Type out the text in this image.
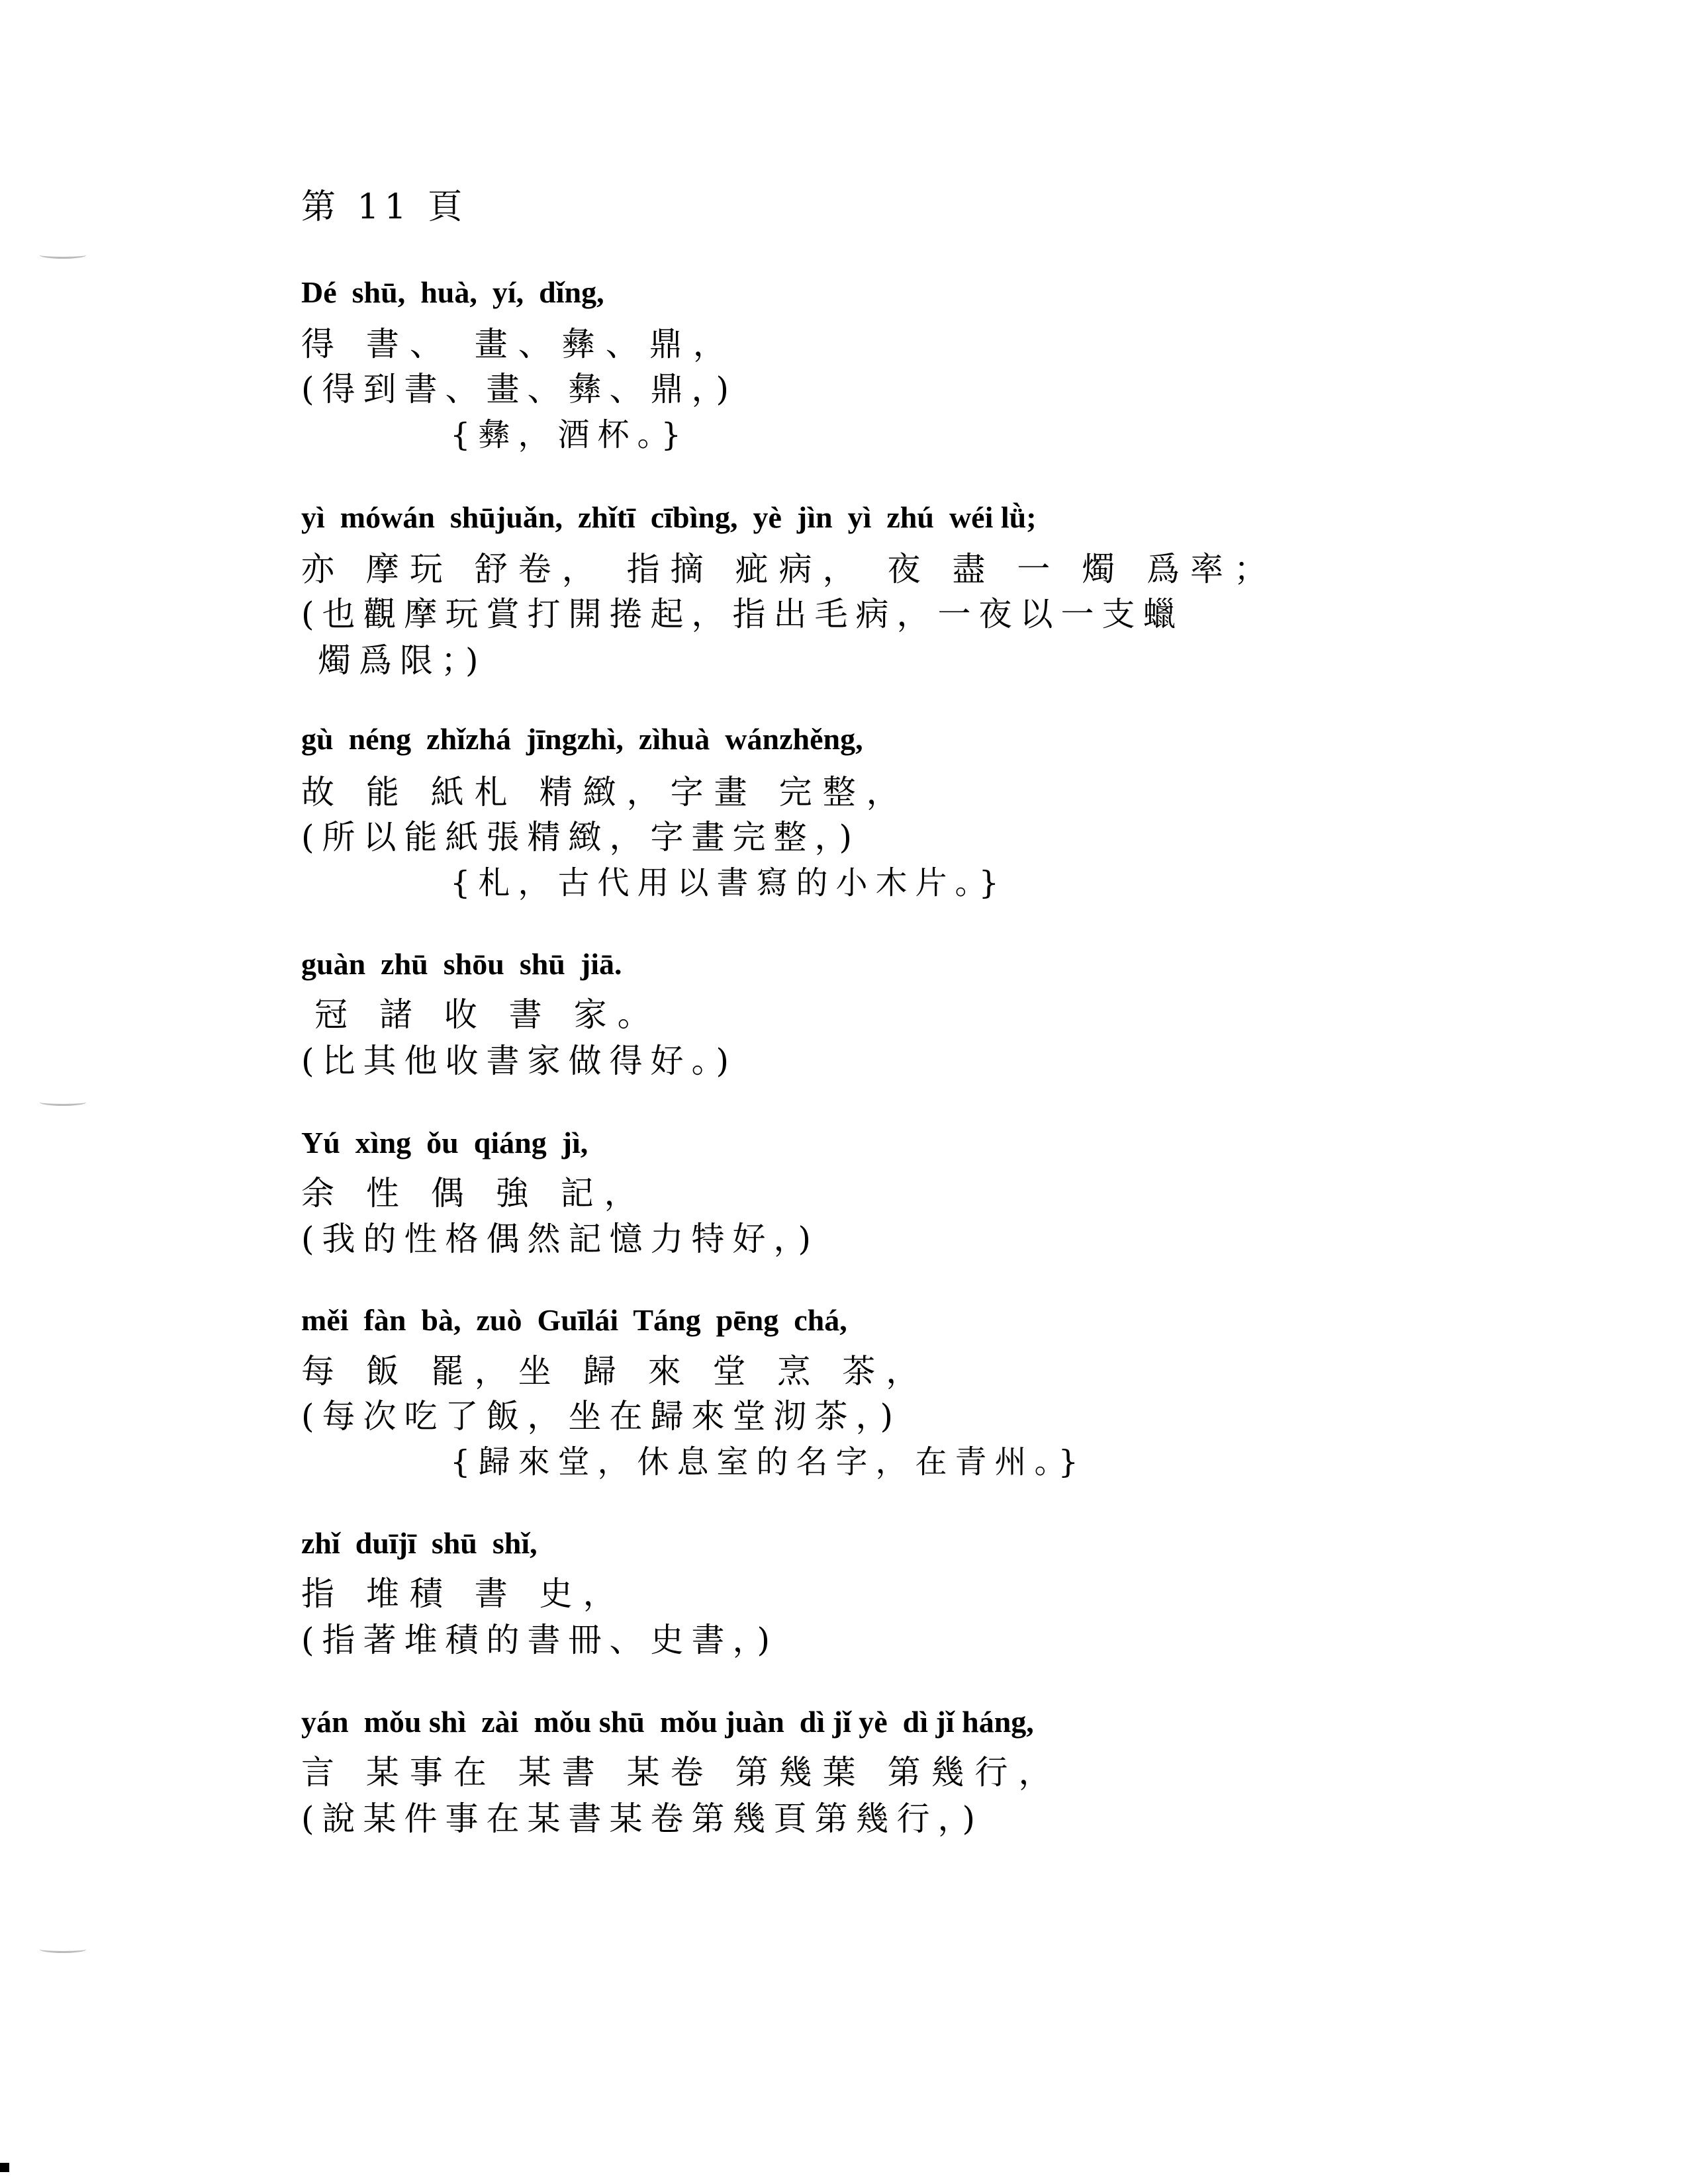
第 11 頁
Dé  shū,  huà,  yí,  dǐng,
得 書、 畫、彝、鼎，
(得到書、畫、彝、鼎，)
{彝，酒杯。}
yì  mówán  shūjuǎn,  zhǐtī  cībìng,  yè  jìn  yì  zhú  wéi lǜ;
亦 摩玩 舒卷， 指摘 疵病， 夜 盡 一 燭 爲率；
(也觀摩玩賞打開捲起，指出毛病，一夜以一支蠟
燭爲限；)
gù  néng  zhǐzhá  jīngzhì,  zìhuà  wánzhěng,
故 能 紙札 精緻，字畫 完整，
(所以能紙張精緻，字畫完整，)
{札，古代用以書寫的小木片。}
guàn  zhū  shōu  shū  jiā.
冠 諸 收 書 家。
(比其他收書家做得好。)
Yú  xìng  ǒu  qiáng  jì,
余 性 偶 強 記，
(我的性格偶然記憶力特好，)
měi  fàn  bà,  zuò  Guīlái  Táng  pēng  chá,
每 飯 罷，坐 歸 來 堂 烹 茶，
(每次吃了飯，坐在歸來堂沏茶，)
{歸來堂，休息室的名字，在青州。}
zhǐ  duījī  shū  shǐ,
指 堆積 書 史，
(指著堆積的書冊、史書，)
yán  mǒu shì  zài  mǒu shū  mǒu juàn  dì jǐ yè  dì jǐ háng,
言 某事在 某書 某卷 第幾葉 第幾行，
(說某件事在某書某卷第幾頁第幾行，)
